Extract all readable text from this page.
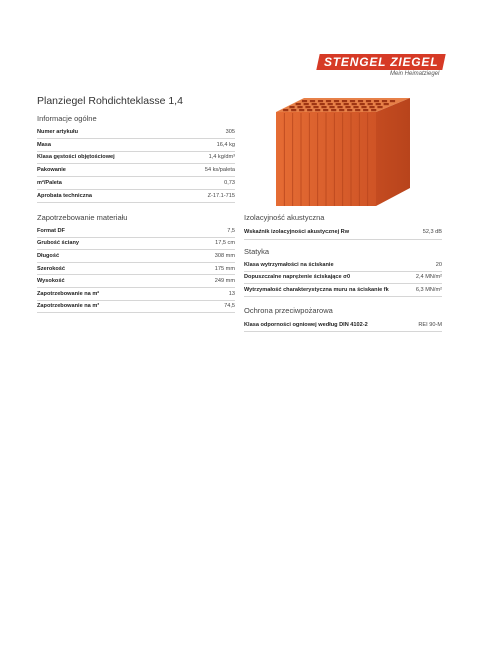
STENGEL ZIEGEL
Mein Heimatziegel
Planziegel Rohdichteklasse 1,4
Informacje ogólne
Numer artykułu	305
Masa	16,4 kg
Klasa gęstości objętościowej	1,4 kg/dm³
Pakowanie	54 ks/paleta
m²/Paleta	0,73
Aprobata techniczna	Z-17.1-715
Zapotrzebowanie materiału
Format DF	7,5
Grubość ściany	17,5 cm
Długość	308 mm
Szerokość	175 mm
Wysokość	249 mm
Zapotrzebowanie na m²	13
Zapotrzebowanie na m³	74,5
Izolacyjność akustyczna
Wskaźnik izolacyjności akustycznej Rw	52,3 dB
Statyka
Klasa wytrzymałości na ściskanie	20
Dopuszczalne naprężenie ściskające σ0	2,4 MN/m²
Wytrzymałość charakterystyczna muru na ściskanie fk	6,3 MN/m²
Ochrona przeciwpożarowa
Klasa odporności ogniowej według DIN 4102-2	REI 90-M
